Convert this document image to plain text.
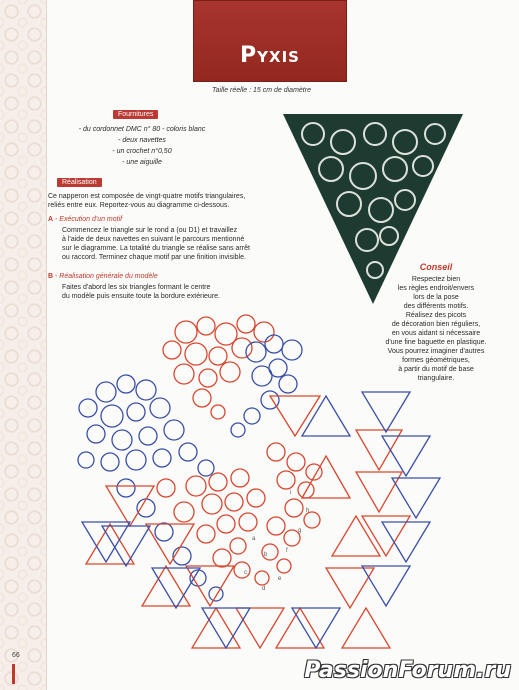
PYXIS
Taille réelle : 15 cm de diamètre
Fournitures
- du cordonnet DMC n° 80 - coloris blanc
- deux navettes
- un crochet n°0,50
- une aiguille
Réalisation
Ce napperon est composée de vingt-quatre motifs triangulaires,
reliés entre eux. Reportez-vous au diagramme ci-dessous.
A - Exécution d'un motif
Commencez le triangle sur le rond a (ou D1) et travaillez
à l'aide de deux navettes en suivant le parcours mentionné
sur le diagramme. La totalité du triangle se réalise sans arrêt
ou raccord. Terminez chaque motif par une finition invisible.
B - Réalisation générale du modèle
Faites d'abord les six triangles formant le centre
du modèle puis ensuite toute la bordure extérieure.
Conseil
Respectez bien
les règles endroit/envers
lors de la pose
des différents motifs.
Réalisez des picots
de décoration bien réguliers,
en vous aidant si nécessaire
d'une fine baguette en plastique.
Vous pourrez imaginer d'autres
formes géométriques,
à partir du motif de base
triangulaire.
a
b
c
d
e
f
g
h
i
66
PassionForum.ru
